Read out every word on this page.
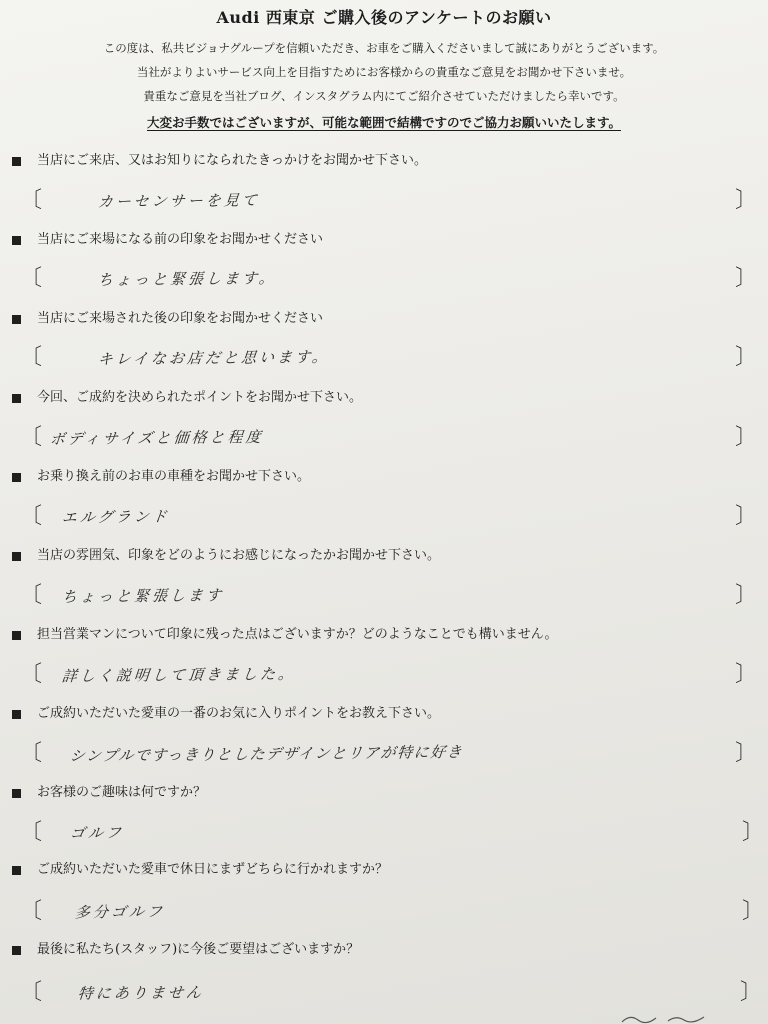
Audi 西東京 ご購入後のアンケートのお願い

この度は、私共ビジョナグループを信頼いただき、お車をご購入くださいまして誠にありがとうございます。

当社がよりよいサービス向上を目指すためにお客様からの貴重なご意見をお聞かせ下さいませ。

貴重なご意見を当社ブログ、インスタグラム内にてご紹介させていただけましたら幸いです。

大変お手数ではございますが、可能な範囲で結構ですのでご協力お願いいたします。
当店にご来店、又はお知りになられたきっかけをお聞かせ下さい。
〔	カーセンサーを見て	〕
当店にご来場になる前の印象をお聞かせください
〔	ちょっと緊張します。	〕
当店にご来場された後の印象をお聞かせください
〔	キレイなお店だと思います。	〕
今回、ご成約を決められたポイントをお聞かせ下さい。
〔 ボディサイズと価格と程度	〕
お乗り換え前のお車の車種をお聞かせ下さい。
〔 エルグランド	〕
当店の雰囲気、印象をどのようにお感じになったかお聞かせ下さい。
〔 ちょっと緊張します	〕
担当営業マンについて印象に残った点はございますか？どのようなことでも構いません。
〔 詳しく説明して頂きました。	〕
ご成約いただいた愛車の一番のお気に入りポイントをお教え下さい。
〔 シンプルですっきりとしたデザインとリアが特に好き	〕
お客様のご趣味は何ですか？
〔 ゴルフ	〕
ご成約いただいた愛車で休日にまずどちらに行かれますか？
〔 多分ゴルフ	〕
最後に私たち(スタッフ)に今後ご要望はございますか？
〔 特にありません	〕
